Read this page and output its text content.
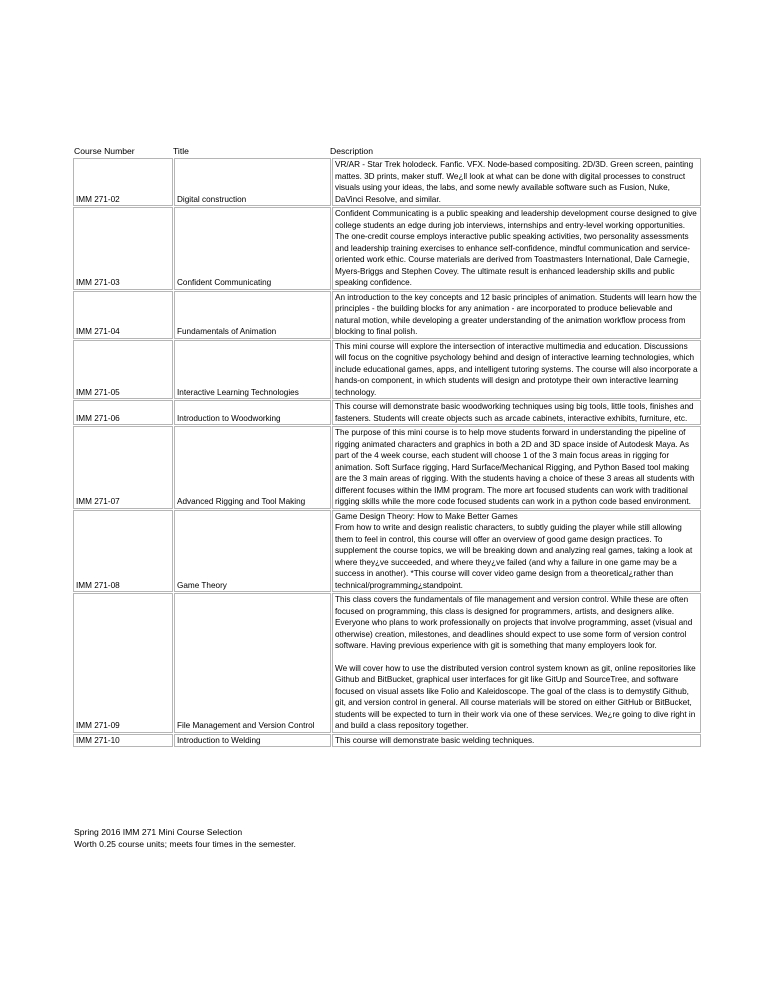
Course Number	Title	Description
IMM 271-02	Digital construction	VR/AR - Star Trek holodeck. Fanfic. VFX. Node-based compositing. 2D/3D. Green screen, painting mattes. 3D prints, maker stuff. We¿ll look at what can be done with digital processes to construct visuals using your ideas, the labs, and some newly available software such as Fusion, Nuke, DaVinci Resolve, and similar.

IMM 271-03	Confident Communicating	Confident Communicating is a public speaking and leadership development course designed to give college students an edge during job interviews, internships and entry-level working opportunities. The one-credit course employs interactive public speaking activities, two personality assessments and leadership training exercises to enhance self-confidence, mindful communication and service-oriented work ethic. Course materials are derived from Toastmasters International, Dale Carnegie, Myers-Briggs and Stephen Covey. The ultimate result is enhanced leadership skills and public speaking confidence.

IMM 271-04	Fundamentals of Animation	An introduction to the key concepts and 12 basic principles of animation. Students will learn how the principles - the building blocks for any animation - are incorporated to produce believable and natural motion, while developing a greater understanding of the animation workflow process from blocking to final polish.

IMM 271-05	Interactive Learning Technologies	This mini course will explore the intersection of interactive multimedia and education. Discussions will focus on the cognitive psychology behind and design of interactive learning technologies, which include educational games, apps, and intelligent tutoring systems. The course will also incorporate a hands-on component, in which students will design and prototype their own interactive learning technology.

IMM 271-06	Introduction to Woodworking	This course will demonstrate basic woodworking techniques using big tools, little tools, finishes and fasteners. Students will create objects such as arcade cabinets, interactive exhibits, furniture, etc.

IMM 271-07	Advanced Rigging and Tool Making	The purpose of this mini course is to help move students forward in understanding the pipeline of rigging animated characters and graphics in both a 2D and 3D space inside of Autodesk Maya. As part of the 4 week course, each student will choose 1 of the 3 main focus areas in rigging for animation. Soft Surface rigging, Hard Surface/Mechanical Rigging, and Python Based tool making are the 3 main areas of rigging. With the students having a choice of these 3 areas all students with different focuses within the IMM program. The more art focused students can work with traditional rigging skills while the more code focused students can work in a python code based environment.

IMM 271-08	Game Theory	Game Design Theory: How to Make Better Games
From how to write and design realistic characters, to subtly guiding the player while still allowing them to feel in control, this course will offer an overview of good game design practices. To supplement the course topics, we will be breaking down and analyzing real games, taking a look at where they¿ve succeeded, and where they¿ve failed (and why a failure in one game may be a success in another). *This course will cover video game design from a theoretical¿rather than technical/programming¿standpoint.

IMM 271-09	File Management and Version Control	This class covers the fundamentals of file management and version control. While these are often focused on programming, this class is designed for programmers, artists, and designers alike. Everyone who plans to work professionally on projects that involve programming, asset (visual and otherwise) creation, milestones, and deadlines should expect to use some form of version control software. Having previous experience with git is something that many employers look for.
We will cover how to use the distributed version control system known as git, online repositories like Github and BitBucket, graphical user interfaces for git like GitUp and SourceTree, and software focused on visual assets like Folio and Kaleidoscope. The goal of the class is to demystify Github, git, and version control in general. All course materials will be stored on either GitHub or BitBucket, students will be expected to turn in their work via one of these services. We¿re going to dive right in and build a class repository together.

IMM 271-10	Introduction to Welding	This course will demonstrate basic welding techniques.
Spring 2016 IMM 271 Mini Course Selection
Worth 0.25 course units; meets four times in the semester.
